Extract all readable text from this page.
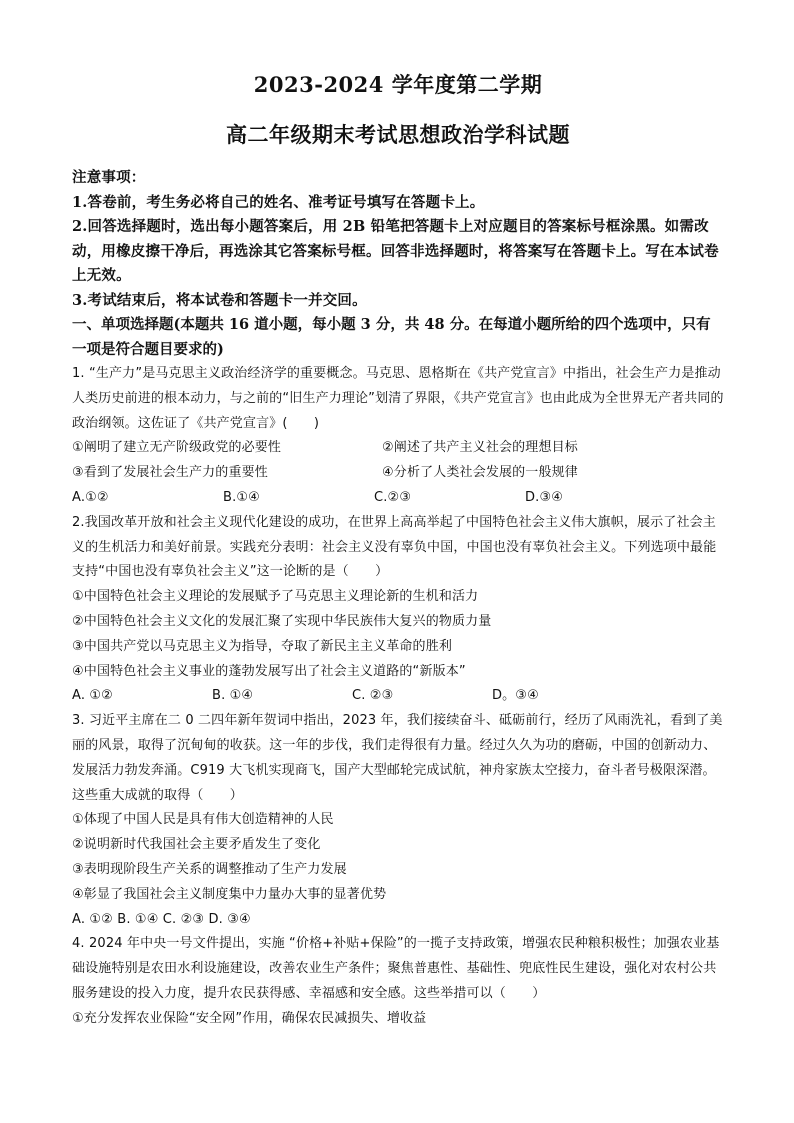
2023-2024 学年度第二学期
高二年级期末考试思想政治学科试题

注意事项：

1.答卷前，考生务必将自己的姓名、准考证号填写在答题卡上。

2.回答选择题时，选出每小题答案后，用 2B 铅笔把答题卡上对应题目的答案标号框涂黑。如需改动，用橡皮擦干净后，再选涂其它答案标号框。回答非选择题时，将答案写在答题卡上。写在本试卷上无效。

3.考试结束后，将本试卷和答题卡一并交回。

一、单项选择题(本题共 16 道小题，每小题 3 分，共 48 分。在每道小题所给的四个选项中，只有一项是符合题目要求的)

1. “生产力”是马克思主义政治经济学的重要概念。马克思、恩格斯在《共产党宣言》中指出，社会生产力是推动人类历史前进的根本动力，与之前的“旧生产力理论”划清了界限，《共产党宣言》也由此成为全世界无产者共同的政治纲领。这佐证了《共产党宣言》(　　)

①阐明了建立无产阶级政党的必要性	②阐述了共产主义社会的理想目标
③看到了发展社会生产力的重要性	④分析了人类社会发展的一般规律
A.①②	B.①④	C.②③	D.③④

2.我国改革开放和社会主义现代化建设的成功，在世界上高高举起了中国特色社会主义伟大旗帜，展示了社会主义的生机活力和美好前景。实践充分表明：社会主义没有辜负中国，中国也没有辜负社会主义。下列选项中最能支持“中国也没有辜负社会主义”这一论断的是（　　）

①中国特色社会主义理论的发展赋予了马克思主义理论新的生机和活力

②中国特色社会主义文化的发展汇聚了实现中华民族伟大复兴的物质力量

③中国共产党以马克思主义为指导，夺取了新民主主义革命的胜利

④中国特色社会主义事业的蓬勃发展写出了社会主义道路的“新版本”

A. ①②	B. ①④	C. ②③	D。③④

3. 习近平主席在二 0 二四年新年贺词中指出，2023 年，我们接续奋斗、砥砺前行，经历了风雨洗礼，看到了美丽的风景，取得了沉甸甸的收获。这一年的步伐，我们走得很有力量。经过久久为功的磨砺，中国的创新动力、发展活力勃发奔涌。C919 大飞机实现商飞，国产大型邮轮完成试航，神舟家族太空接力，奋斗者号极限深潜。这些重大成就的取得（　　）

①体现了中国人民是具有伟大创造精神的人民

②说明新时代我国社会主要矛盾发生了变化

③表明现阶段生产关系的调整推动了生产力发展

④彰显了我国社会主义制度集中力量办大事的显著优势

A. ①② B. ①④ C. ②③ D. ③④

4. 2024 年中央一号文件提出，实施 “价格+补贴+保险”的一揽子支持政策，增强农民种粮积极性；加强农业基础设施特别是农田水利设施建设，改善农业生产条件；聚焦普惠性、基础性、兜底性民生建设，强化对农村公共服务建设的投入力度，提升农民获得感、幸福感和安全感。这些举措可以（　　）

①充分发挥农业保险“安全网”作用，确保农民减损失、增收益
